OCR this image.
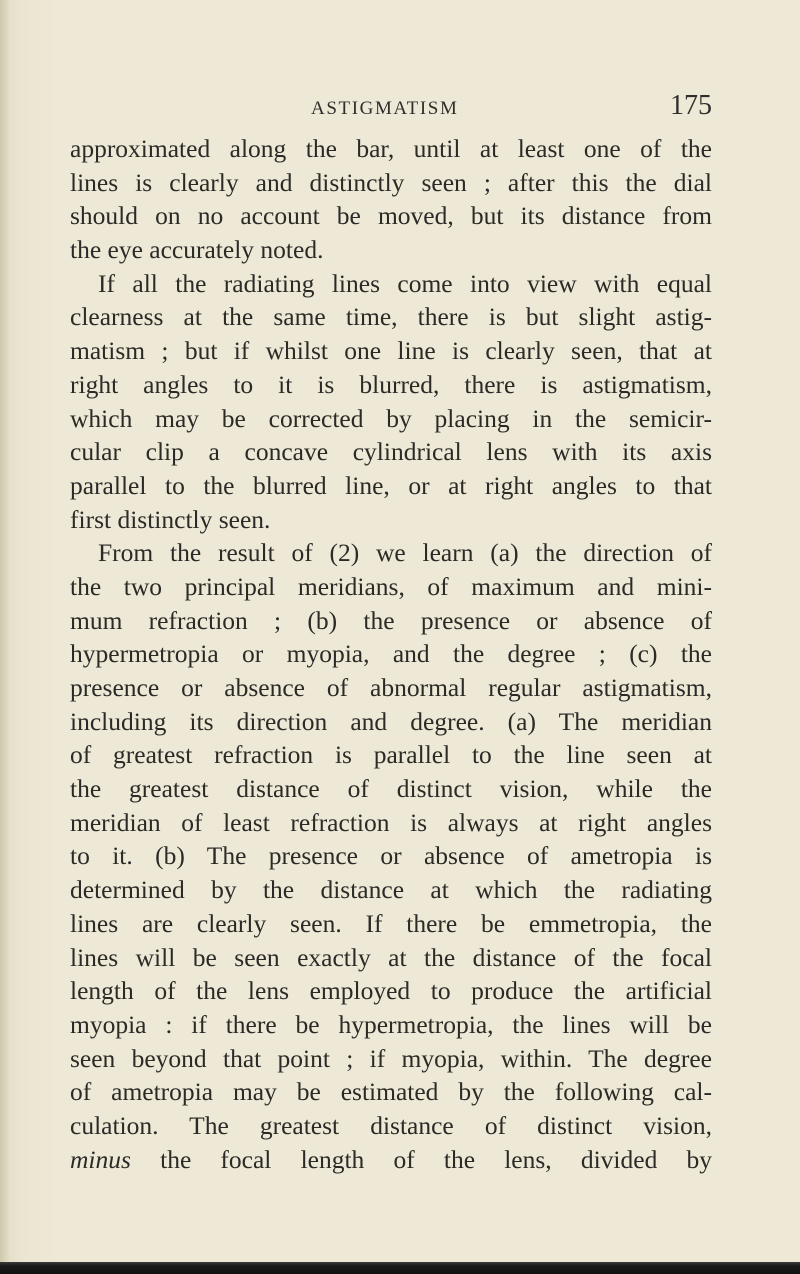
ASTIGMATISM	175
approximated along the bar, until at least one of the
lines is clearly and distinctly seen ; after this the dial
should on no account be moved, but its distance from
the eye accurately noted.
If all the radiating lines come into view with equal
clearness at the same time, there is but slight astig-
matism ; but if whilst one line is clearly seen, that at
right angles to it is blurred, there is astigmatism,
which may be corrected by placing in the semicir-
cular clip a concave cylindrical lens with its axis
parallel to the blurred line, or at right angles to that
first distinctly seen.
From the result of (2) we learn (a) the direction of
the two principal meridians, of maximum and mini-
mum refraction ; (b) the presence or absence of
hypermetropia or myopia, and the degree ; (c) the
presence or absence of abnormal regular astigmatism,
including its direction and degree. (a) The meridian
of greatest refraction is parallel to the line seen at
the greatest distance of distinct vision, while the
meridian of least refraction is always at right angles
to it. (b) The presence or absence of ametropia is
determined by the distance at which the radiating
lines are clearly seen. If there be emmetropia, the
lines will be seen exactly at the distance of the focal
length of the lens employed to produce the artificial
myopia : if there be hypermetropia, the lines will be
seen beyond that point ; if myopia, within. The degree
of ametropia may be estimated by the following cal-
culation. The greatest distance of distinct vision,
minus the focal length of the lens, divided by
